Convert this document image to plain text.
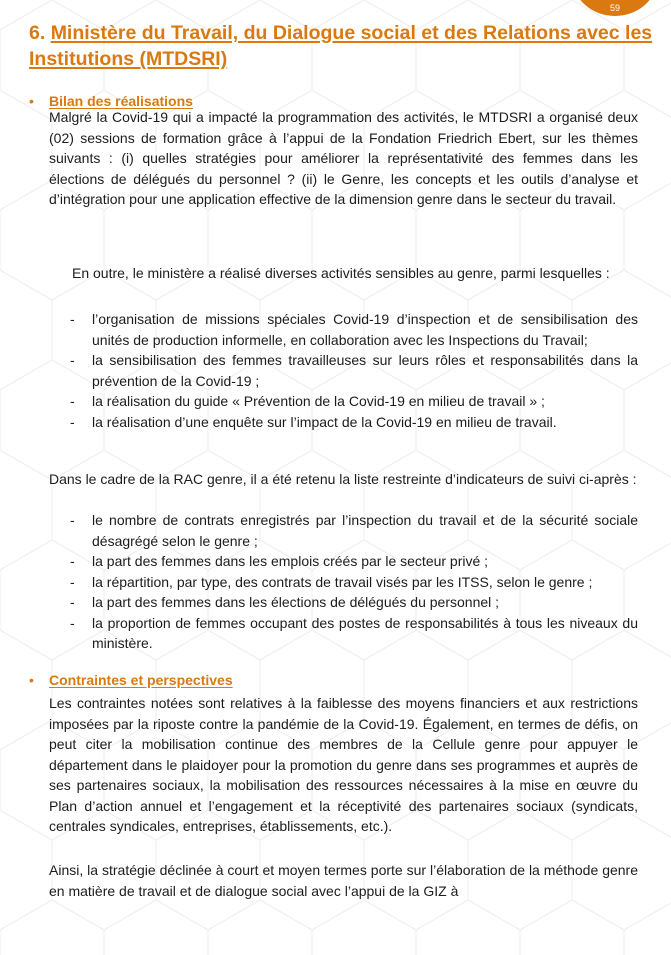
59
6. Ministère du Travail, du Dialogue social et des Relations avec les Institutions (MTDSRI)
• Bilan des réalisations

Malgré la Covid-19 qui a impacté la programmation des activités, le MTDSRI a organisé deux (02) sessions de formation grâce à l’appui de la Fondation Friedrich Ebert, sur les thèmes suivants : (i) quelles stratégies pour améliorer la représentativité des femmes dans les élections de délégués du personnel ? (ii) le Genre, les concepts et les outils d’analyse et d’intégration pour une application effective de la dimension genre dans le secteur du travail.

En outre, le ministère a réalisé diverses activités sensibles au genre, parmi lesquelles :

- l’organisation de missions spéciales Covid-19 d’inspection et de sensibilisation des unités de production informelle, en collaboration avec les Inspections du Travail;
- la sensibilisation des femmes travailleuses sur leurs rôles et responsabilités dans la prévention de la Covid-19 ;
- la réalisation du guide « Prévention de la Covid-19 en milieu de travail » ;
- la réalisation d’une enquête sur l’impact de la Covid-19 en milieu de travail.

Dans le cadre de la RAC genre, il a été retenu la liste restreinte d’indicateurs de suivi ci-après :

- le nombre de contrats enregistrés par l’inspection du travail et de la sécurité sociale désagrégé selon le genre ;
- la part des femmes dans les emplois créés par le secteur privé ;
- la répartition, par type, des contrats de travail visés par les ITSS, selon le genre ;
- la part des femmes dans les élections de délégués du personnel ;
- la proportion de femmes occupant des postes de responsabilités à tous les niveaux du ministère.
• Contraintes et perspectives

Les contraintes notées sont relatives à la faiblesse des moyens financiers et aux restrictions imposées par la riposte contre la pandémie de la Covid-19. Également, en termes de défis, on peut citer la mobilisation continue des membres de la Cellule genre pour appuyer le département dans le plaidoyer pour la promotion du genre dans ses programmes et auprès de ses partenaires sociaux, la mobilisation des ressources nécessaires à la mise en œuvre du Plan d’action annuel et l’engagement et la réceptivité des partenaires sociaux (syndicats, centrales syndicales, entreprises, établissements, etc.).

Ainsi, la stratégie déclinée à court et moyen termes porte sur l’élaboration de la méthode genre en matière de travail et de dialogue social avec l’appui de la GIZ à
